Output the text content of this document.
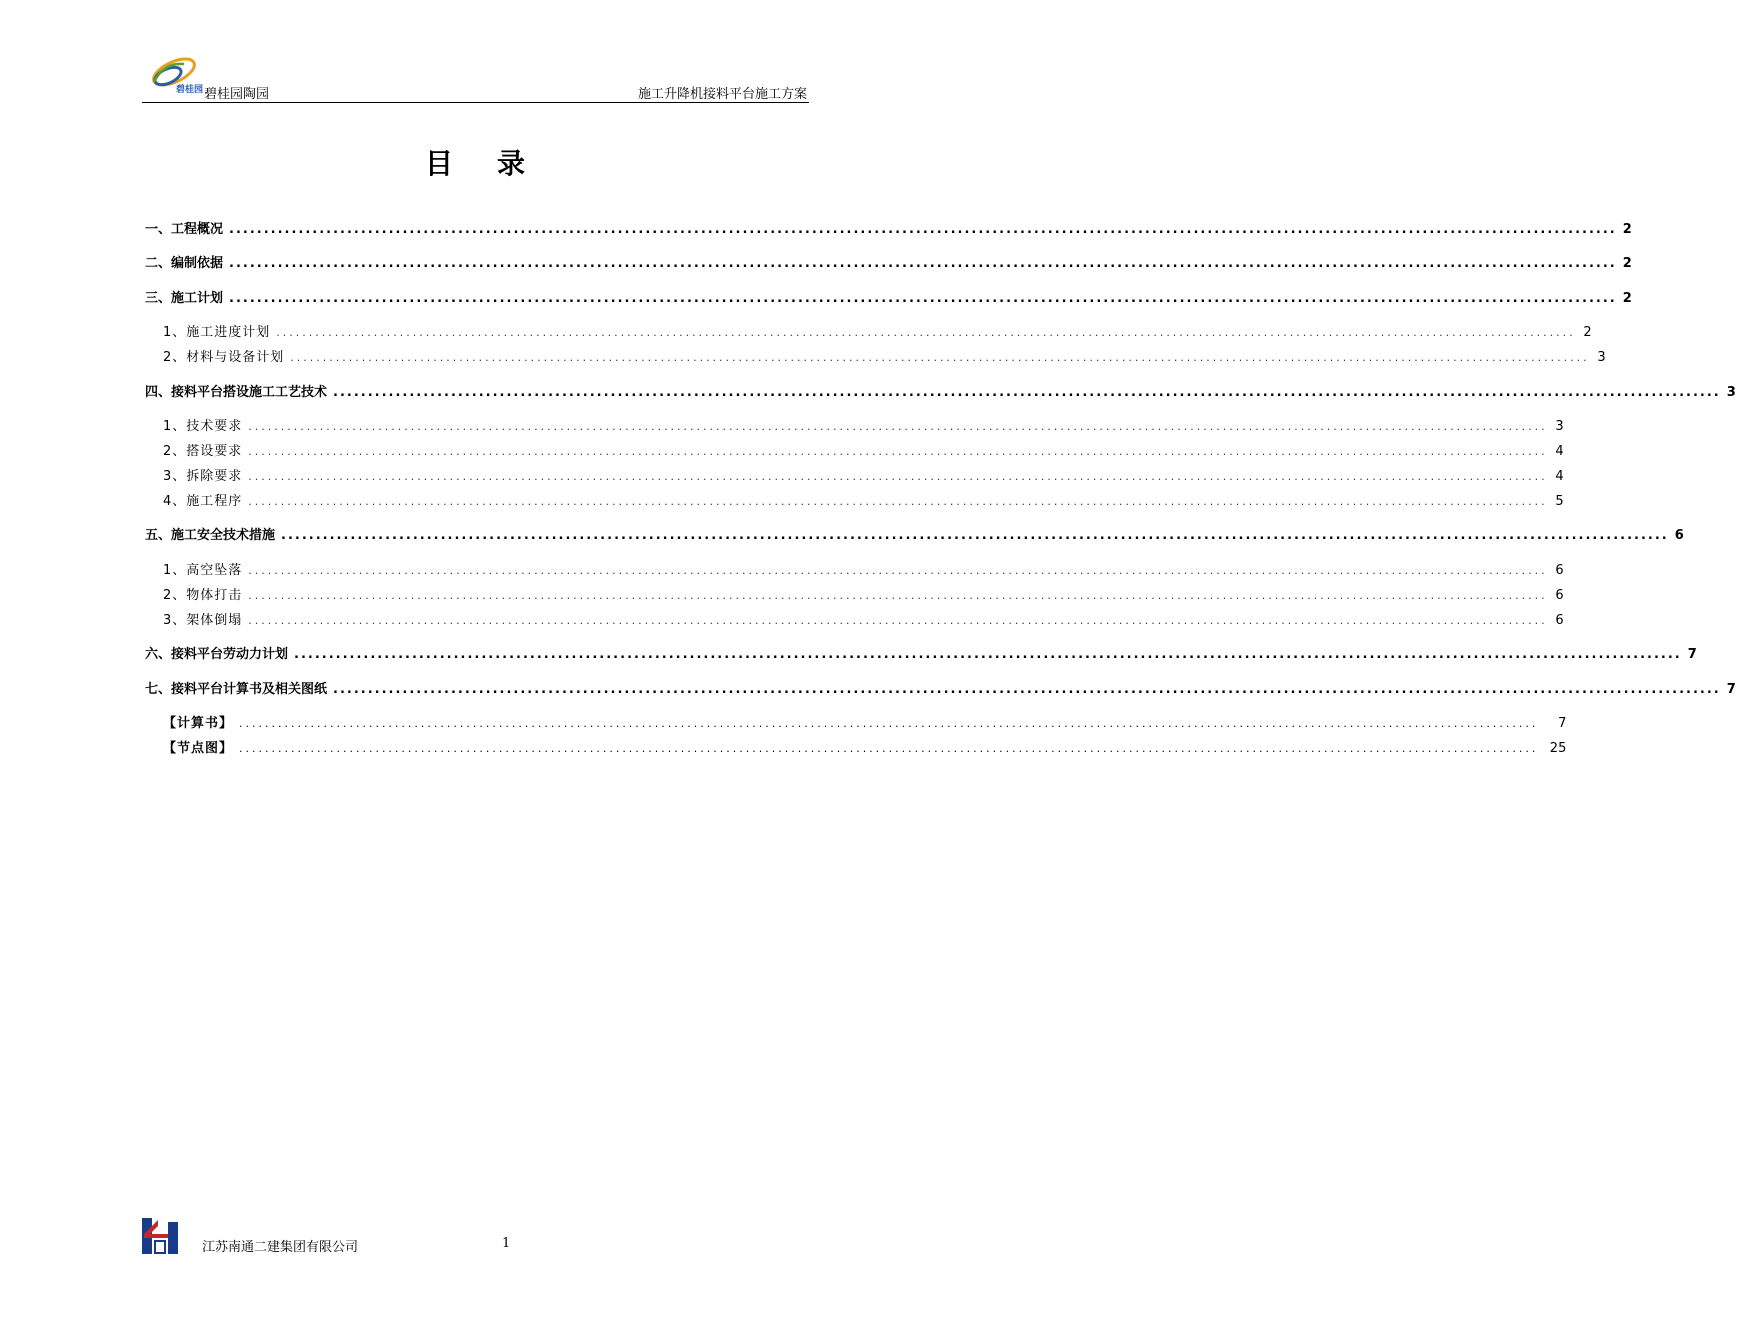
碧桂园 碧桂园陶园	施工升降机接料平台施工方案
目录
一、工程概况 ........................................................................................................................................................................................................ 2
二、编制依据 ........................................................................................................................................................................................................ 2
三、施工计划 ........................................................................................................................................................................................................ 2
1、施工进度计划 ........................................................................................................................................................................................................ 2
2、材料与设备计划 ........................................................................................................................................................................................................ 3
四、接料平台搭设施工工艺技术 ........................................................................................................................................................................................................ 3
1、技术要求 ........................................................................................................................................................................................................ 3
2、搭设要求 ........................................................................................................................................................................................................ 4
3、拆除要求 ........................................................................................................................................................................................................ 4
4、施工程序 ........................................................................................................................................................................................................ 5
五、施工安全技术措施 ........................................................................................................................................................................................................ 6
1、高空坠落 ........................................................................................................................................................................................................ 6
2、物体打击 ........................................................................................................................................................................................................ 6
3、架体倒塌 ........................................................................................................................................................................................................ 6
六、接料平台劳动力计划 ........................................................................................................................................................................................................ 7
七、接料平台计算书及相关图纸 ........................................................................................................................................................................................................ 7
【计算书】 ........................................................................................................................................................................................................	7
【节点图】 ........................................................................................................................................................................................................ 25
江苏南通二建集团有限公司	1
